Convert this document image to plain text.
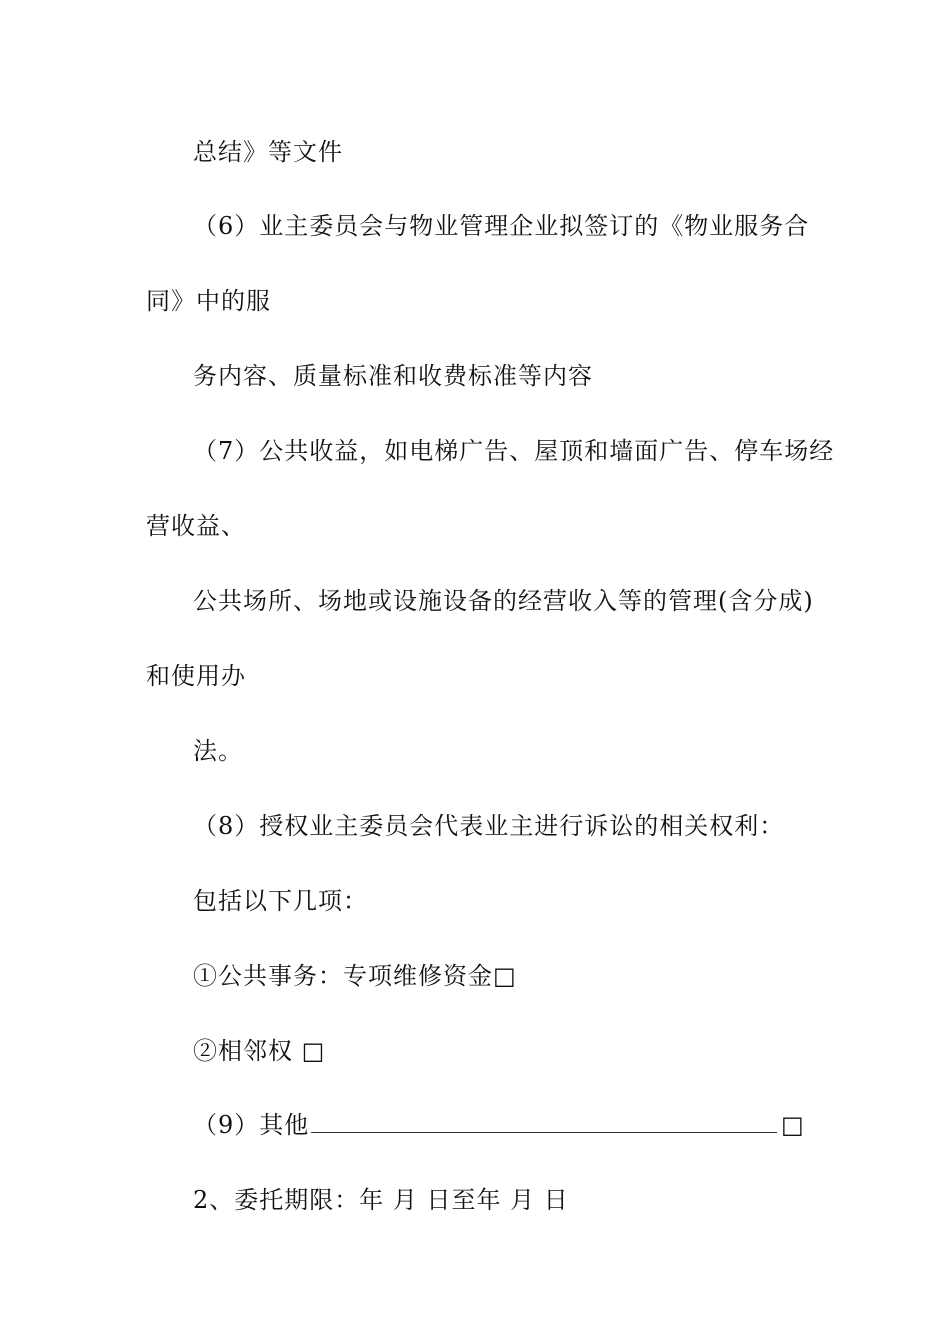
总结》等文件
（6）业主委员会与物业管理企业拟签订的《物业服务合
同》中的服
务内容、质量标准和收费标准等内容
（7）公共收益，如电梯广告、屋顶和墙面广告、停车场经
营收益、
公共场所、场地或设施设备的经营收入等的管理(含分成)
和使用办
法。
（8）授权业主委员会代表业主进行诉讼的相关权利：
包括以下几项：
①公共事务：专项维修资金□
②相邻权 □
（9）其他	□
2、委托期限：年 月 日至年 月 日
